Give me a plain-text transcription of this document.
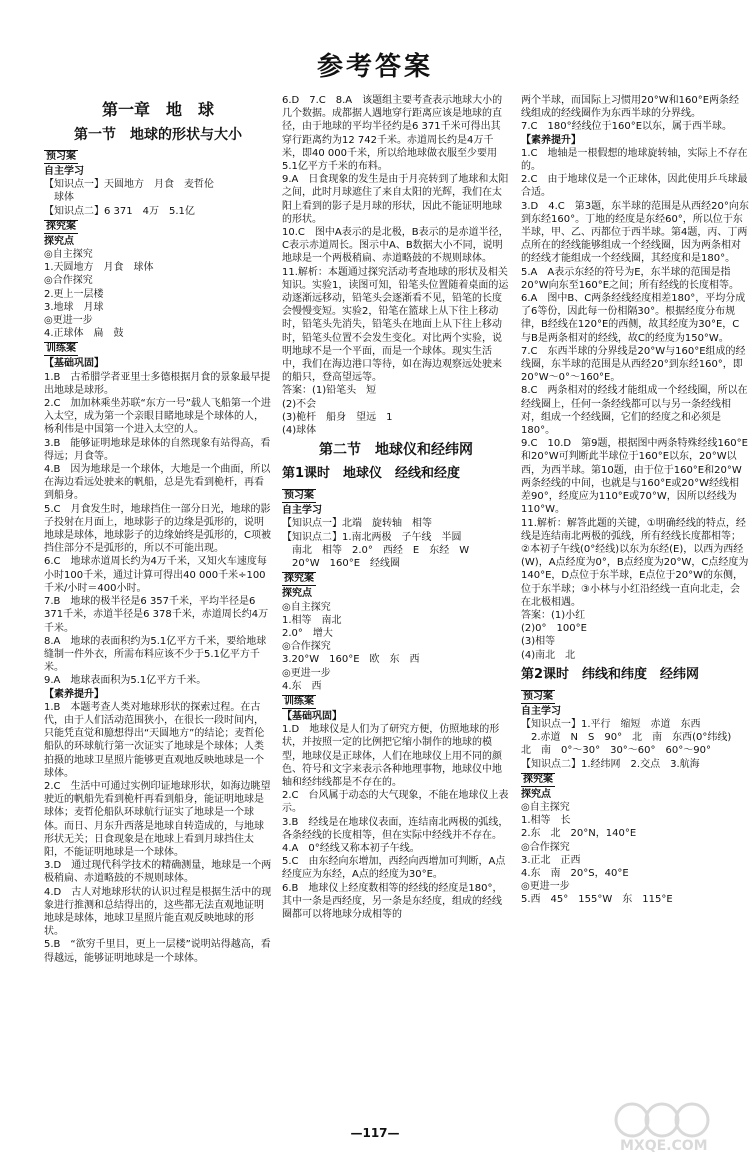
参考答案
第一章　地　球
第一节　地球的形状与大小
预习案
自主学习
【知识点一】天圆地方　月食　麦哲伦
　球体
【知识点二】6 371　4万　5.1亿
探究案
探究点
◎自主探究
1.天圆地方　月食　球体
◎合作探究
2.更上一层楼
3.地球　月球
◎更进一步
4.正球体　扁　鼓
训练案
【基础巩固】
1.B　古希腊学者亚里士多德根据月食的景象最早提出地球是球形。
2.C　加加林乘坐苏联“东方一号”载人飞船第一个进入太空，成为第一个亲眼目睹地球是个球体的人，杨利伟是中国第一个进入太空的人。
3.B　能够证明地球是球体的自然现象有站得高，看得远；月食等。
4.B　因为地球是一个球体，大地是一个曲面，所以在海边看远处驶来的帆船，总是先看到桅杆，再看到船身。
5.C　月食发生时，地球挡住一部分日光，地球的影子投射在月面上，地球影子的边缘是弧形的，说明地球是球体，地球影子的边缘始终是弧形的，C项被挡住部分不是弧形的，所以不可能出现。
6.C　地球赤道周长约为4万千米，又知火车速度每小时100千米，通过计算可得出40 000千米÷100千米/小时＝400小时。
7.B　地球的极半径是6 357千米，平均半径是6 371千米，赤道半径是6 378千米，赤道周长约4万千米。
8.A　地球的表面积约为5.1亿平方千米，要给地球缝制一件外衣，所需布料应该不少于5.1亿平方千米。
9.A　地球表面积为5.1亿平方千米。
【素养提升】
1.B　本题考查人类对地球形状的探索过程。在古代，由于人们活动范围狭小，在很长一段时间内，只能凭直觉和臆想得出“天圆地方”的结论；麦哲伦船队的环球航行第一次证实了地球是个球体；人类拍摄的地球卫星照片能够更直观地反映地球是一个球体。
2.C　生活中可通过实例印证地球形状，如海边眺望驶近的帆船先看到桅杆再看到船身，能证明地球是球体；麦哲伦船队环球航行证实了地球是一个球体。而日、月东升西落是地球自转造成的，与地球形状无关；日食现象是在地球上看到月球挡住太阳，不能证明地球是一个球体。
3.D　通过现代科学技术的精确测量，地球是一个两极稍扁、赤道略鼓的不规则球体。
4.D　古人对地球形状的认识过程是根据生活中的现象进行推测和总结得出的，这些都无法直观地证明地球是球体，地球卫星照片能直观反映地球的形状。
5.B　“欲穷千里目，更上一层楼”说明站得越高，看得越远，能够证明地球是一个球体。
6.D　7.C　8.A　该题组主要考查表示地球大小的几个数据。成都据人遇地穿行距离应该是地球的直径，由于地球的平均半径约是6 371千米可得出其穿行距离约为12 742千米。赤道周长约是4万千米，即40 000千米，所以给地球做衣服至少要用5.1亿平方千米的布料。
9.A　日食现象的发生是由于月亮转到了地球和太阳之间，此时月球遮住了来自太阳的光辉，我们在太阳上看到的影子是月球的形状，因此不能证明地球的形状。
10.C　图中A表示的是北极，B表示的是赤道半径，C表示赤道周长。图示中A、B数据大小不同，说明地球是一个两极稍扁、赤道略鼓的不规则球体。
11.解析：本题通过探究活动考查地球的形状及相关知识。实验1，读图可知，铅笔头位置随着桌面的运动逐渐远移动，铅笔头会逐渐看不见，铅笔的长度会慢慢变短。实验2，铅笔在篮球上从下往上移动时，铅笔头先消失，铅笔头在地面上从下往上移动时，铅笔头位置不会发生变化。对比两个实验，说明地球不是一个平面，而是一个球体。现实生活中，我们在海边港口等待，如在海边观察远处驶来的船只，登高望远等。
答案：(1)铅笔头　短
(2)不会
(3)桅杆　船身　望远　1
(4)球体
第二节　地球仪和经纬网
第1课时　地球仪　经线和经度
预习案
自主学习
【知识点一】北端　旋转轴　相等
【知识点二】1.南北两极　子午线　半圆
　南北　相等　2.0°　西经　E　东经　W
　20°W　160°E　经线圈
探究案
探究点
◎自主探究
1.相等　南北
2.0°　增大
◎合作探究
3.20°W　160°E　欧　东　西
◎更进一步
4.东　西
训练案
【基础巩固】
1.D　地球仪是人们为了研究方便，仿照地球的形状，并按照一定的比例把它缩小制作的地球的模型，地球仪是正球体，人们在地球仪上用不同的颜色、符号和文字来表示各种地理事物，地球仪中地轴和经纬线都是不存在的。
2.C　台风属于动态的大气现象，不能在地球仪上表示。
3.B　经线是在地球仪表面，连结南北两极的弧线，各条经线的长度相等，但在实际中经线并不存在。
4.A　0°经线又称本初子午线。
5.C　由东经向东增加，西经向西增加可判断，A点经度应为东经，A点的经度为30°E。
6.B　地球仪上经度数相等的经线的经度是180°，其中一条是西经度，另一条是东经度，组成的经线圈都可以将地球分成相等的
两个半球，而国际上习惯用20°W和160°E两条经线组成的经线圈作为东西半球的分界线。
7.C　180°经线位于160°E以东，属于西半球。
【素养提升】
1.C　地轴是一根假想的地球旋转轴，实际上不存在的。
2.C　由于地球仪是一个正球体，因此使用乒乓球最合适。
3.D　4.C　第3题，东半球的范围是从西经20°向东到东经160°。丁地的经度是东经60°，所以位于东半球，甲、乙、丙都位于西半球。第4题，丙、丁两点所在的经线能够组成一个经线圈，因为两条相对的经线才能组成一个经线圈，其经度和是180°。
5.A　A表示东经的符号为E，东半球的范围是指20°W向东至160°E之间；所有经线的长度相等。
6.A　图中B、C两条经线经度相差180°，平均分成了6等份，因此每一份相隔30°。根据经度分布规律，B经线在120°E的西侧，故其经度为30°E，C与B是两条相对的经线，故C的经度为150°W。
7.C　东西半球的分界线是20°W与160°E组成的经线圈，东半球的范围是从西经20°到东经160°，即20°W～0°～160°E。
8.C　两条相对的经线才能组成一个经线圈，所以在经线圈上，任何一条经线都可以与另一条经线相对，组成一个经线圈，它们的经度之和必须是180°。
9.C　10.D　第9题，根据图中两条特殊经线160°E和20°W可判断此半球位于160°E以东，20°W以西，为西半球。第10题，由于位于160°E和20°W两条经线的中间，也就是与160°E或20°W经线相差90°，经度应为110°E或70°W，因所以经线为110°W。
11.解析：解答此题的关键，①明确经线的特点，经线是连结南北两极的弧线，所有经线长度都相等；②本初子午线(0°经线)以东为东经(E)，以西为西经(W)，A点经度为0°，B点经度为20°W，C点经度为140°E，D点位于东半球，E点位于20°W的东侧，位于东半球；③小林与小红沿经线一直向北走，会在北极相遇。
答案：(1)小红
(2)0°　100°E
(3)相等
(4)南北　北
第2课时　纬线和纬度　经纬网
预习案
自主学习
【知识点一】1.平行　缩短　赤道　东西
　2.赤道　N　S　90°　北　南　东西(0°纬线)　北　南　0°～30°　30°～60°　60°～90°
【知识点二】1.经纬网　2.交点　3.航海
探究案
探究点
◎自主探究
1.相等　长
2.东　北　20°N，140°E
◎合作探究
3.正北　正西
4.东　南　20°S，40°E
◎更进一步
5.西　45°　155°W　东　115°E
—117—
MXQE.COM
